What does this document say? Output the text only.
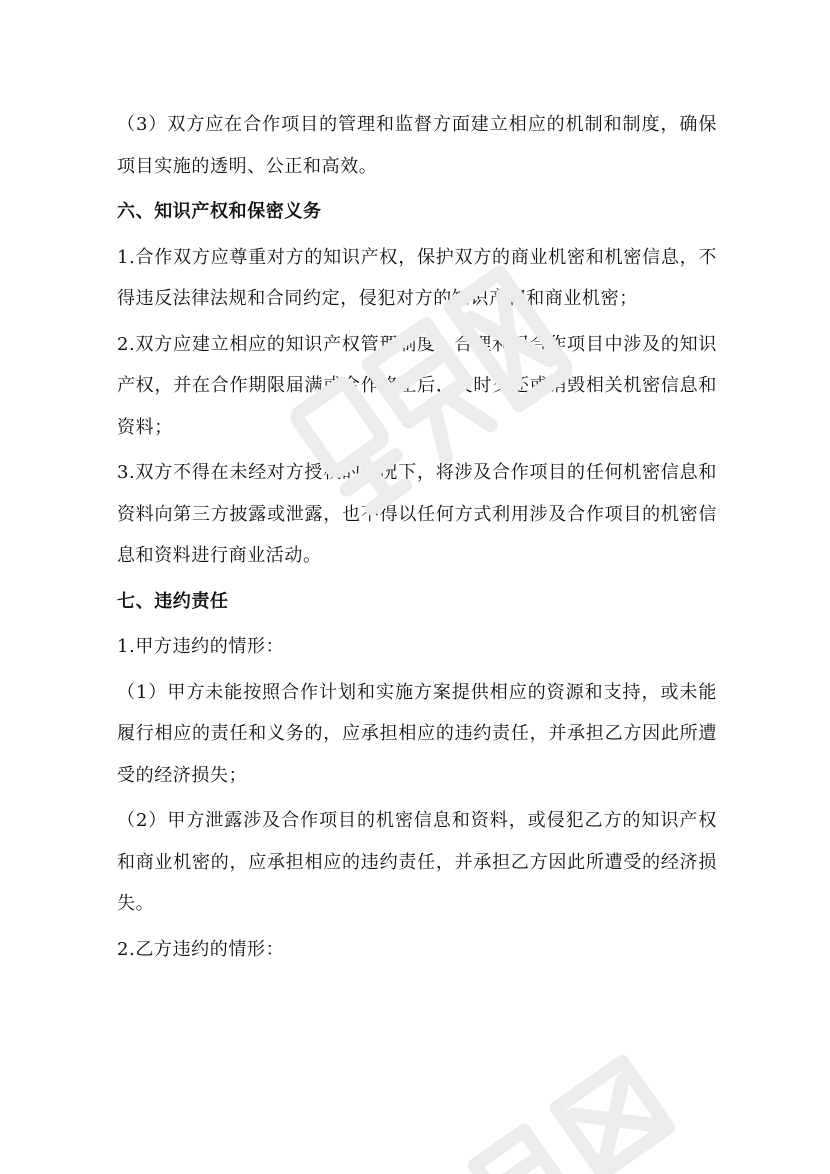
（3）双方应在合作项目的管理和监督方面建立相应的机制和制度，确保项目实施的透明、公正和高效。

六、知识产权和保密义务

1.合作双方应尊重对方的知识产权，保护双方的商业机密和机密信息，不得违反法律法规和合同约定，侵犯对方的知识产权和商业机密；

2.双方应建立相应的知识产权管理制度，合理利用合作项目中涉及的知识产权，并在合作期限届满或合作终止后，及时交还或销毁相关机密信息和资料；

3.双方不得在未经对方授权的情况下，将涉及合作项目的任何机密信息和资料向第三方披露或泄露，也不得以任何方式利用涉及合作项目的机密信息和资料进行商业活动。

七、违约责任

1.甲方违约的情形：

（1）甲方未能按照合作计划和实施方案提供相应的资源和支持，或未能履行相应的责任和义务的，应承担相应的违约责任，并承担乙方因此所遭受的经济损失；

（2）甲方泄露涉及合作项目的机密信息和资料，或侵犯乙方的知识产权和商业机密的，应承担相应的违约责任，并承担乙方因此所遭受的经济损失。

2.乙方违约的情形：
